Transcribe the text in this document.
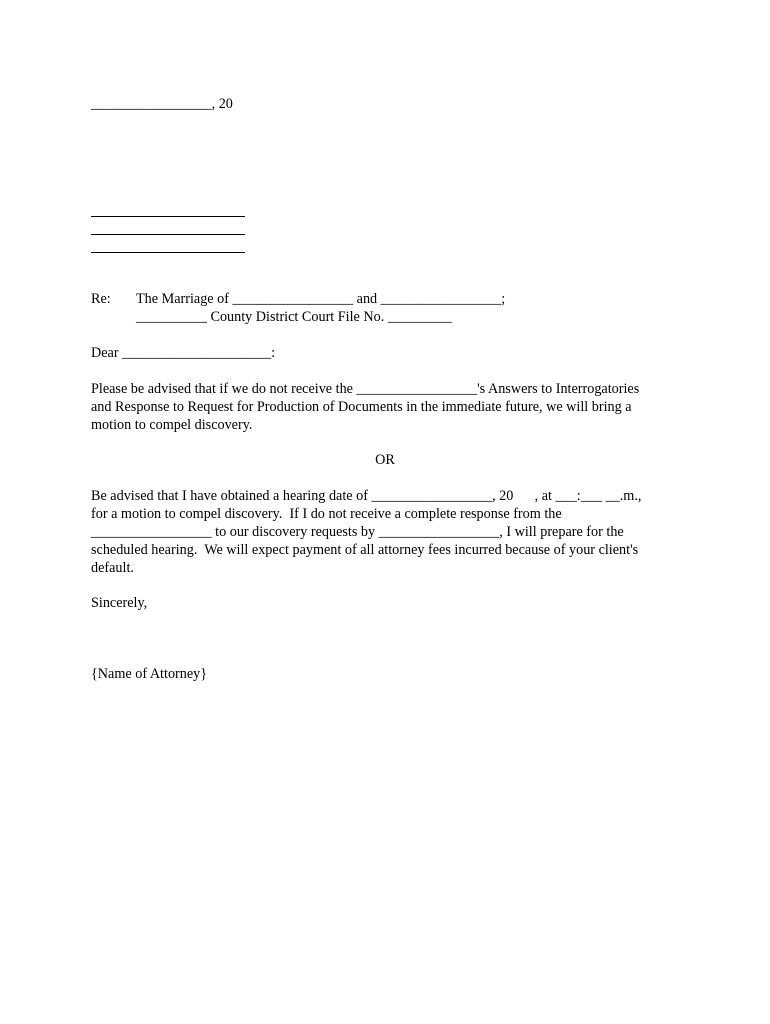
_________________, 20
Re: The Marriage of _________________ and _________________;
__________ County District Court File No. _________
Dear _____________________:
Please be advised that if we do not receive the _________________'s Answers to Interrogatories
and Response to Request for Production of Documents in the immediate future, we will bring a
motion to compel discovery.
OR
Be advised that I have obtained a hearing date of _________________, 20      , at ___:___ __.m.,
for a motion to compel discovery.  If I do not receive a complete response from the
_________________ to our discovery requests by _________________, I will prepare for the
scheduled hearing.  We will expect payment of all attorney fees incurred because of your client's
default.
Sincerely,
{Name of Attorney}
